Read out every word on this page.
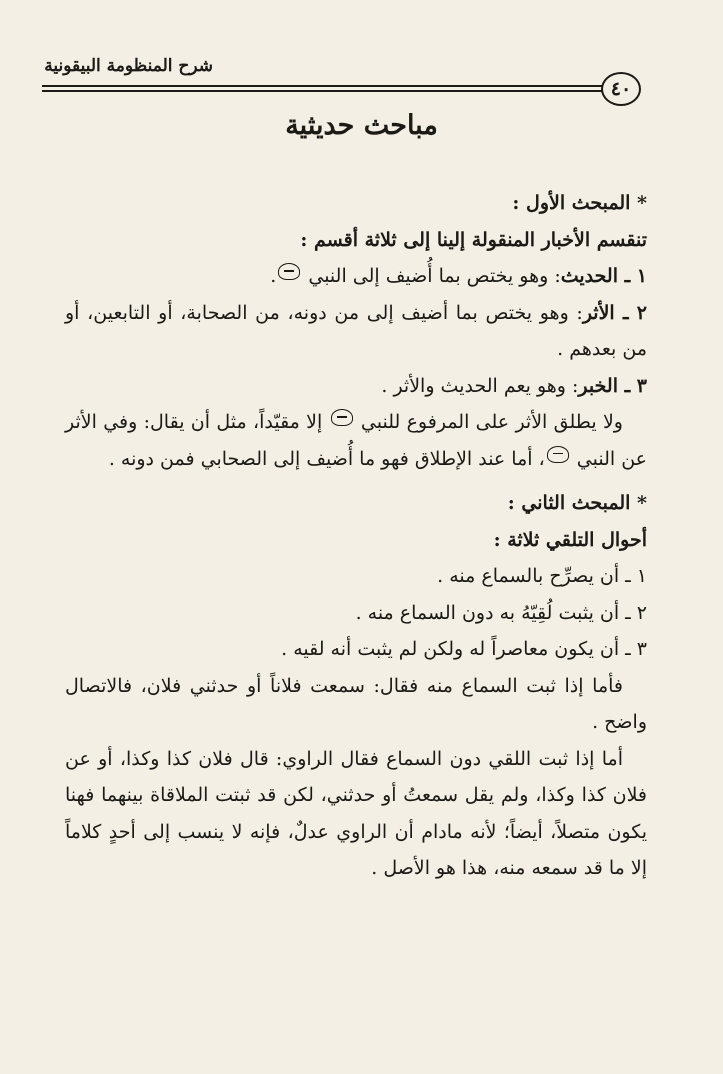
شرح المنظومة البيقونية
٤٠
مباحث حديثية

* المبحث الأول :

تنقسم الأخبار المنقولة إلينا إلى ثلاثة أقسم :

١ ـ الحديث: وهو يختص بما أُضيف إلى النبي .

٢ ـ الأثر: وهو يختص بما أضيف إلى من دونه، من الصحابة، أو التابعين، أو من بعدهم .

٣ ـ الخبر: وهو يعم الحديث والأثر .

ولا يطلق الأثر على المرفوع للنبي  إلا مقيّداً، مثل أن يقال: وفي الأثر عن النبي ، أما عند الإطلاق فهو ما أُضيف إلى الصحابي فمن دونه .

* المبحث الثاني :

أحوال التلقي ثلاثة :

١ ـ أن يصرِّح بالسماع منه .

٢ ـ أن يثبت لُقِيّهُ به دون السماع منه .

٣ ـ أن يكون معاصراً له ولكن لم يثبت أنه لقيه .

فأما إذا ثبت السماع منه فقال: سمعت فلاناً أو حدثني فلان، فالاتصال واضح .

أما إذا ثبت اللقي دون السماع فقال الراوي: قال فلان كذا وكذا، أو عن فلان كذا وكذا، ولم يقل سمعتُ أو حدثني، لكن قد ثبتت الملاقاة بينهما فهنا يكون متصلاً، أيضاً؛ لأنه مادام أن الراوي عدلٌ، فإنه لا ينسب إلى أحدٍ كلاماً إلا ما قد سمعه منه، هذا هو الأصل .
